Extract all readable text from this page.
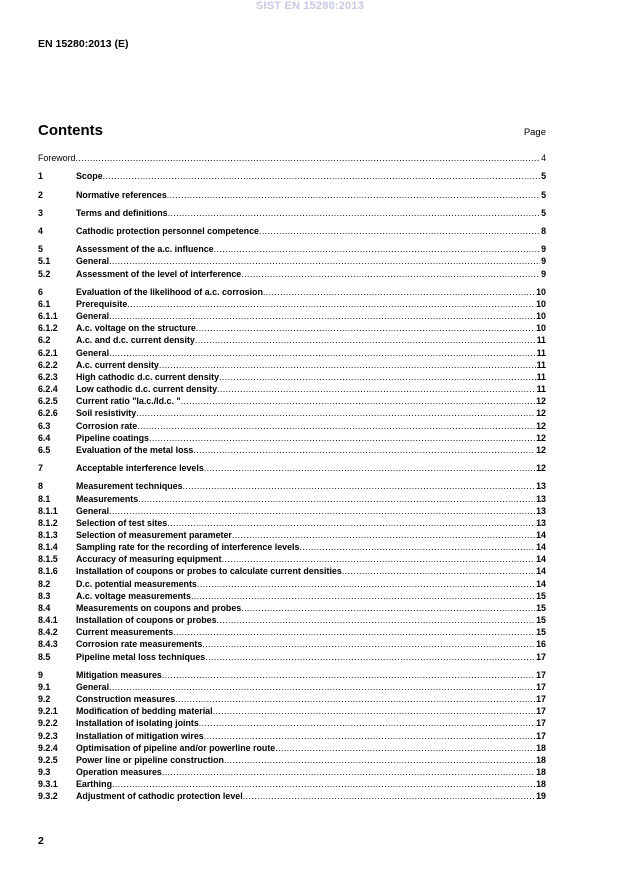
SIST EN 15280:2013
EN 15280:2013 (E)
Contents	Page
Foreword .....	4
1	Scope .....	5
2	Normative references .....	5
3	Terms and definitions .....	5
4	Cathodic protection personnel competence .....	8
5	Assessment of the a.c. influence .....	9
5.1	General .....	9
5.2	Assessment of the level of interference .....	9
6	Evaluation of the likelihood of a.c. corrosion .....	10
6.1	Prerequisite .....	10
6.1.1	General .....	10
6.1.2	A.c. voltage on the structure .....	10
6.2	A.c. and d.c. current density .....	11
6.2.1	General .....	11
6.2.2	A.c. current density .....	11
6.2.3	High cathodic d.c. current density .....	11
6.2.4	Low cathodic d.c. current density .....	11
6.2.5	Current ratio "Ia.c./Id.c. " .....	12
6.2.6	Soil resistivity .....	12
6.3	Corrosion rate .....	12
6.4	Pipeline coatings .....	12
6.5	Evaluation of the metal loss .....	12
7	Acceptable interference levels .....	12
8	Measurement techniques .....	13
8.1	Measurements .....	13
8.1.1	General .....	13
8.1.2	Selection of test sites .....	13
8.1.3	Selection of measurement parameter .....	14
8.1.4	Sampling rate for the recording of interference levels .....	14
8.1.5	Accuracy of measuring equipment .....	14
8.1.6	Installation of coupons or probes to calculate current densities .....	14
8.2	D.c. potential measurements .....	14
8.3	A.c. voltage measurements .....	15
8.4	Measurements on coupons and probes .....	15
8.4.1	Installation of coupons or probes .....	15
8.4.2	Current measurements .....	15
8.4.3	Corrosion rate measurements .....	16
8.5	Pipeline metal loss techniques .....	17
9	Mitigation measures .....	17
9.1	General .....	17
9.2	Construction measures .....	17
9.2.1	Modification of bedding material .....	17
9.2.2	Installation of isolating joints .....	17
9.2.3	Installation of mitigation wires .....	17
9.2.4	Optimisation of pipeline and/or powerline route .....	18
9.2.5	Power line or pipeline construction .....	18
9.3	Operation measures .....	18
9.3.1	Earthing .....	18
9.3.2	Adjustment of cathodic protection level .....	19
2
